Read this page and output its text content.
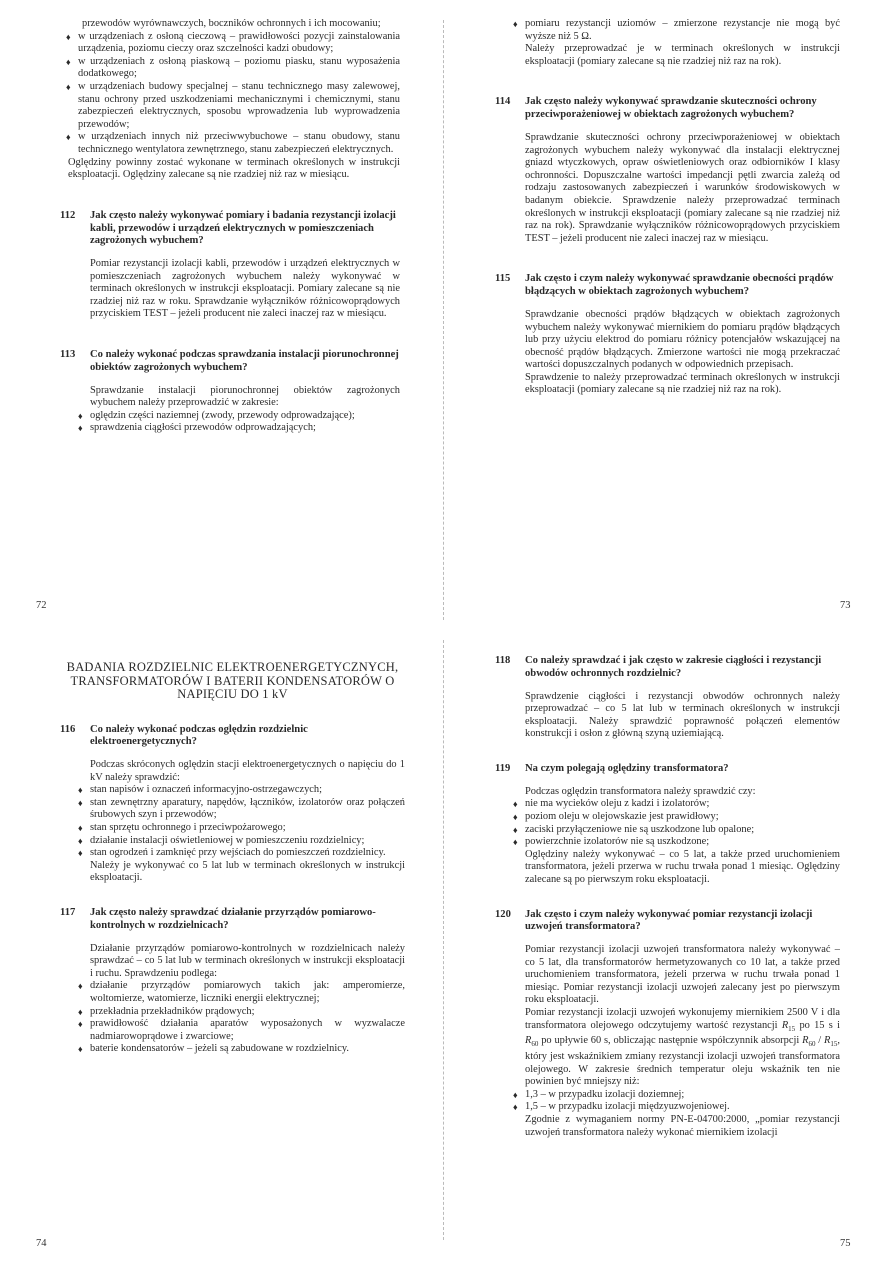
przewodów wyrównawczych, boczników ochronnych i ich mocowaniu;

♦ w urządzeniach z osłoną cieczową – prawidłowości pozycji zainstalowania urządzenia, poziomu cieczy oraz szczelności kadzi obudowy;
♦ w urządzeniach z osłoną piaskową – poziomu piasku, stanu wyposażenia dodatkowego;
♦ w urządzeniach budowy specjalnej – stanu technicznego masy zalewowej, stanu ochrony przed uszkodzeniami mechanicznymi i chemicznymi, stanu zabezpieczeń elektrycznych, sposobu wprowadzenia lub wyprowadzenia przewodów;
♦ w urządzeniach innych niż przeciwwybuchowe – stanu obudowy, stanu technicznego wentylatora zewnętrznego, stanu zabezpieczeń elektrycznych.

Oględziny powinny zostać wykonane w terminach określonych w instrukcji eksploatacji. Oględziny zalecane są nie rzadziej niż raz w miesiącu.

112	Jak często należy wykonywać pomiary i badania rezystancji izolacji kabli, przewodów i urządzeń elektrycznych w pomieszczeniach zagrożonych wybuchem?

Pomiar rezystancji izolacji kabli, przewodów i urządzeń elektrycznych w pomieszczeniach zagrożonych wybuchem należy wykonywać w terminach określonych w instrukcji eksploatacji. Pomiary zalecane są nie rzadziej niż raz w roku. Sprawdzanie wyłączników różnicowoprądowych przyciskiem TEST – jeżeli producent nie zaleci inaczej raz w miesiącu.

113	Co należy wykonać podczas sprawdzania instalacji piorunochronnej obiektów zagrożonych wybuchem?

Sprawdzanie instalacji piorunochronnej obiektów zagrożonych wybuchem należy przeprowadzić w zakresie:

♦ oględzin części naziemnej (zwody, przewody odprowadzające);
♦ sprawdzenia ciągłości przewodów odprowadzających;
72
♦ pomiaru rezystancji uziomów – zmierzone rezystancje nie mogą być wyższe niż 5 Ω.

Należy przeprowadzać je w terminach określonych w instrukcji eksploatacji (pomiary zalecane są nie rzadziej niż raz na rok).

114	Jak często należy wykonywać sprawdzanie skuteczności ochrony przeciwporażeniowej w obiektach zagrożonych wybuchem?

Sprawdzanie skuteczności ochrony przeciwporażeniowej w obiektach zagrożonych wybuchem należy wykonywać dla instalacji elektrycznej gniazd wtyczkowych, opraw oświetleniowych oraz odbiorników I klasy ochronności. Dopuszczalne wartości impedancji pętli zwarcia zależą od rodzaju zastosowanych zabezpieczeń i warunków środowiskowych w badanym obiekcie. Sprawdzenie należy przeprowadzać terminach określonych w instrukcji eksploatacji (pomiary zalecane są nie rzadziej niż raz na rok). Sprawdzanie wyłączników różnicowoprądowych przyciskiem TEST – jeżeli producent nie zaleci inaczej raz w miesiącu.

115	Jak często i czym należy wykonywać sprawdzanie obecności prądów błądzących w obiektach zagrożonych wybuchem?

Sprawdzanie obecności prądów błądzących w obiektach zagrożonych wybuchem należy wykonywać miernikiem do pomiaru prądów błądzących lub przy użyciu elektrod do pomiaru różnicy potencjałów wskazującej na obecność prądów błądzących. Zmierzone wartości nie mogą przekraczać wartości dopuszczalnych podanych w odpowiednich przepisach.

Sprawdzenie to należy przeprowadzać terminach określonych w instrukcji eksploatacji (pomiary zalecane są nie rzadziej niż raz na rok).

73
BADANIA ROZDZIELNIC ELEKTROENERGETYCZNYCH, TRANSFORMATORÓW I BATERII KONDENSATORÓW O NAPIĘCIU DO 1 kV
116	Co należy wykonać podczas oględzin rozdzielnic elektroenergetycznych?

Podczas skróconych oględzin stacji elektroenergetycznych o napięciu do 1 kV należy sprawdzić:

♦ stan napisów i oznaczeń informacyjno-ostrzegawczych;
♦ stan zewnętrzny aparatury, napędów, łączników, izolatorów oraz połączeń śrubowych szyn i przewodów;
♦ stan sprzętu ochronnego i przeciwpożarowego;
♦ działanie instalacji oświetleniowej w pomieszczeniu rozdzielnicy;
♦ stan ogrodzeń i zamknięć przy wejściach do pomieszczeń rozdzielnicy.

Należy je wykonywać co 5 lat lub w terminach określonych w instrukcji eksploatacji.

117	Jak często należy sprawdzać działanie przyrządów pomiarowo-kontrolnych w rozdzielnicach?

Działanie przyrządów pomiarowo-kontrolnych w rozdzielnicach należy sprawdzać – co 5 lat lub w terminach określonych w instrukcji eksploatacji i ruchu. Sprawdzeniu podlega:

♦ działanie przyrządów pomiarowych takich jak: amperomierze, woltomierze, watomierze, liczniki energii elektrycznej;
♦ przekładnia przekładników prądowych;
♦ prawidłowość działania aparatów wyposażonych w wyzwalacze nadmiarowoprądowe i zwarciowe;
♦ baterie kondensatorów – jeżeli są zabudowane w rozdzielnicy.
74
118	Co należy sprawdzać i jak często w zakresie ciągłości i rezystancji obwodów ochronnych rozdzielnic?

Sprawdzenie ciągłości i rezystancji obwodów ochronnych należy przeprowadzać – co 5 lat lub w terminach określonych w instrukcji eksploatacji. Należy sprawdzić poprawność połączeń elementów konstrukcji i osłon z główną szyną uziemiającą.

119	Na czym polegają oględziny transformatora?

Podczas oględzin transformatora należy sprawdzić czy:

♦ nie ma wycieków oleju z kadzi i izolatorów;
♦ poziom oleju w olejowskazie jest prawidłowy;
♦ zaciski przyłączeniowe nie są uszkodzone lub opalone;
♦ powierzchnie izolatorów nie są uszkodzone;

Oględziny należy wykonywać – co 5 lat, a także przed uruchomieniem transformatora, jeżeli przerwa w ruchu trwała ponad 1 miesiąc. Oględziny zalecane są po pierwszym roku eksploatacji.

120	Jak często i czym należy wykonywać pomiar rezystancji izolacji uzwojeń transformatora?

Pomiar rezystancji izolacji uzwojeń transformatora należy wykonywać – co 5 lat, dla transformatorów hermetyzowanych co 10 lat, a także przed uruchomieniem transformatora, jeżeli przerwa w ruchu trwała ponad 1 miesiąc. Pomiar rezystancji izolacji uzwojeń zalecany jest po pierwszym roku eksploatacji.

Pomiar rezystancji izolacji uzwojeń wykonujemy miernikiem 2500 V i dla transformatora olejowego odczytujemy wartość rezystancji $R_{15}$ po 15 s i $R_{60}$ po upływie 60 s, obliczając następnie współczynnik absorpcji $R_{60} / R_{15}$, który jest wskaźnikiem zmiany rezystancji izolacji uzwojeń transformatora olejowego. W zakresie średnich temperatur oleju wskaźnik ten nie powinien być mniejszy niż:

♦ 1,3 – w przypadku izolacji doziemnej;
♦ 1,5 – w przypadku izolacji międzyuzwojeniowej.

Zgodnie z wymaganiem normy PN-E-04700:2000, „pomiar rezystancji uzwojeń transformatora należy wykonać miernikiem izolacji

75
